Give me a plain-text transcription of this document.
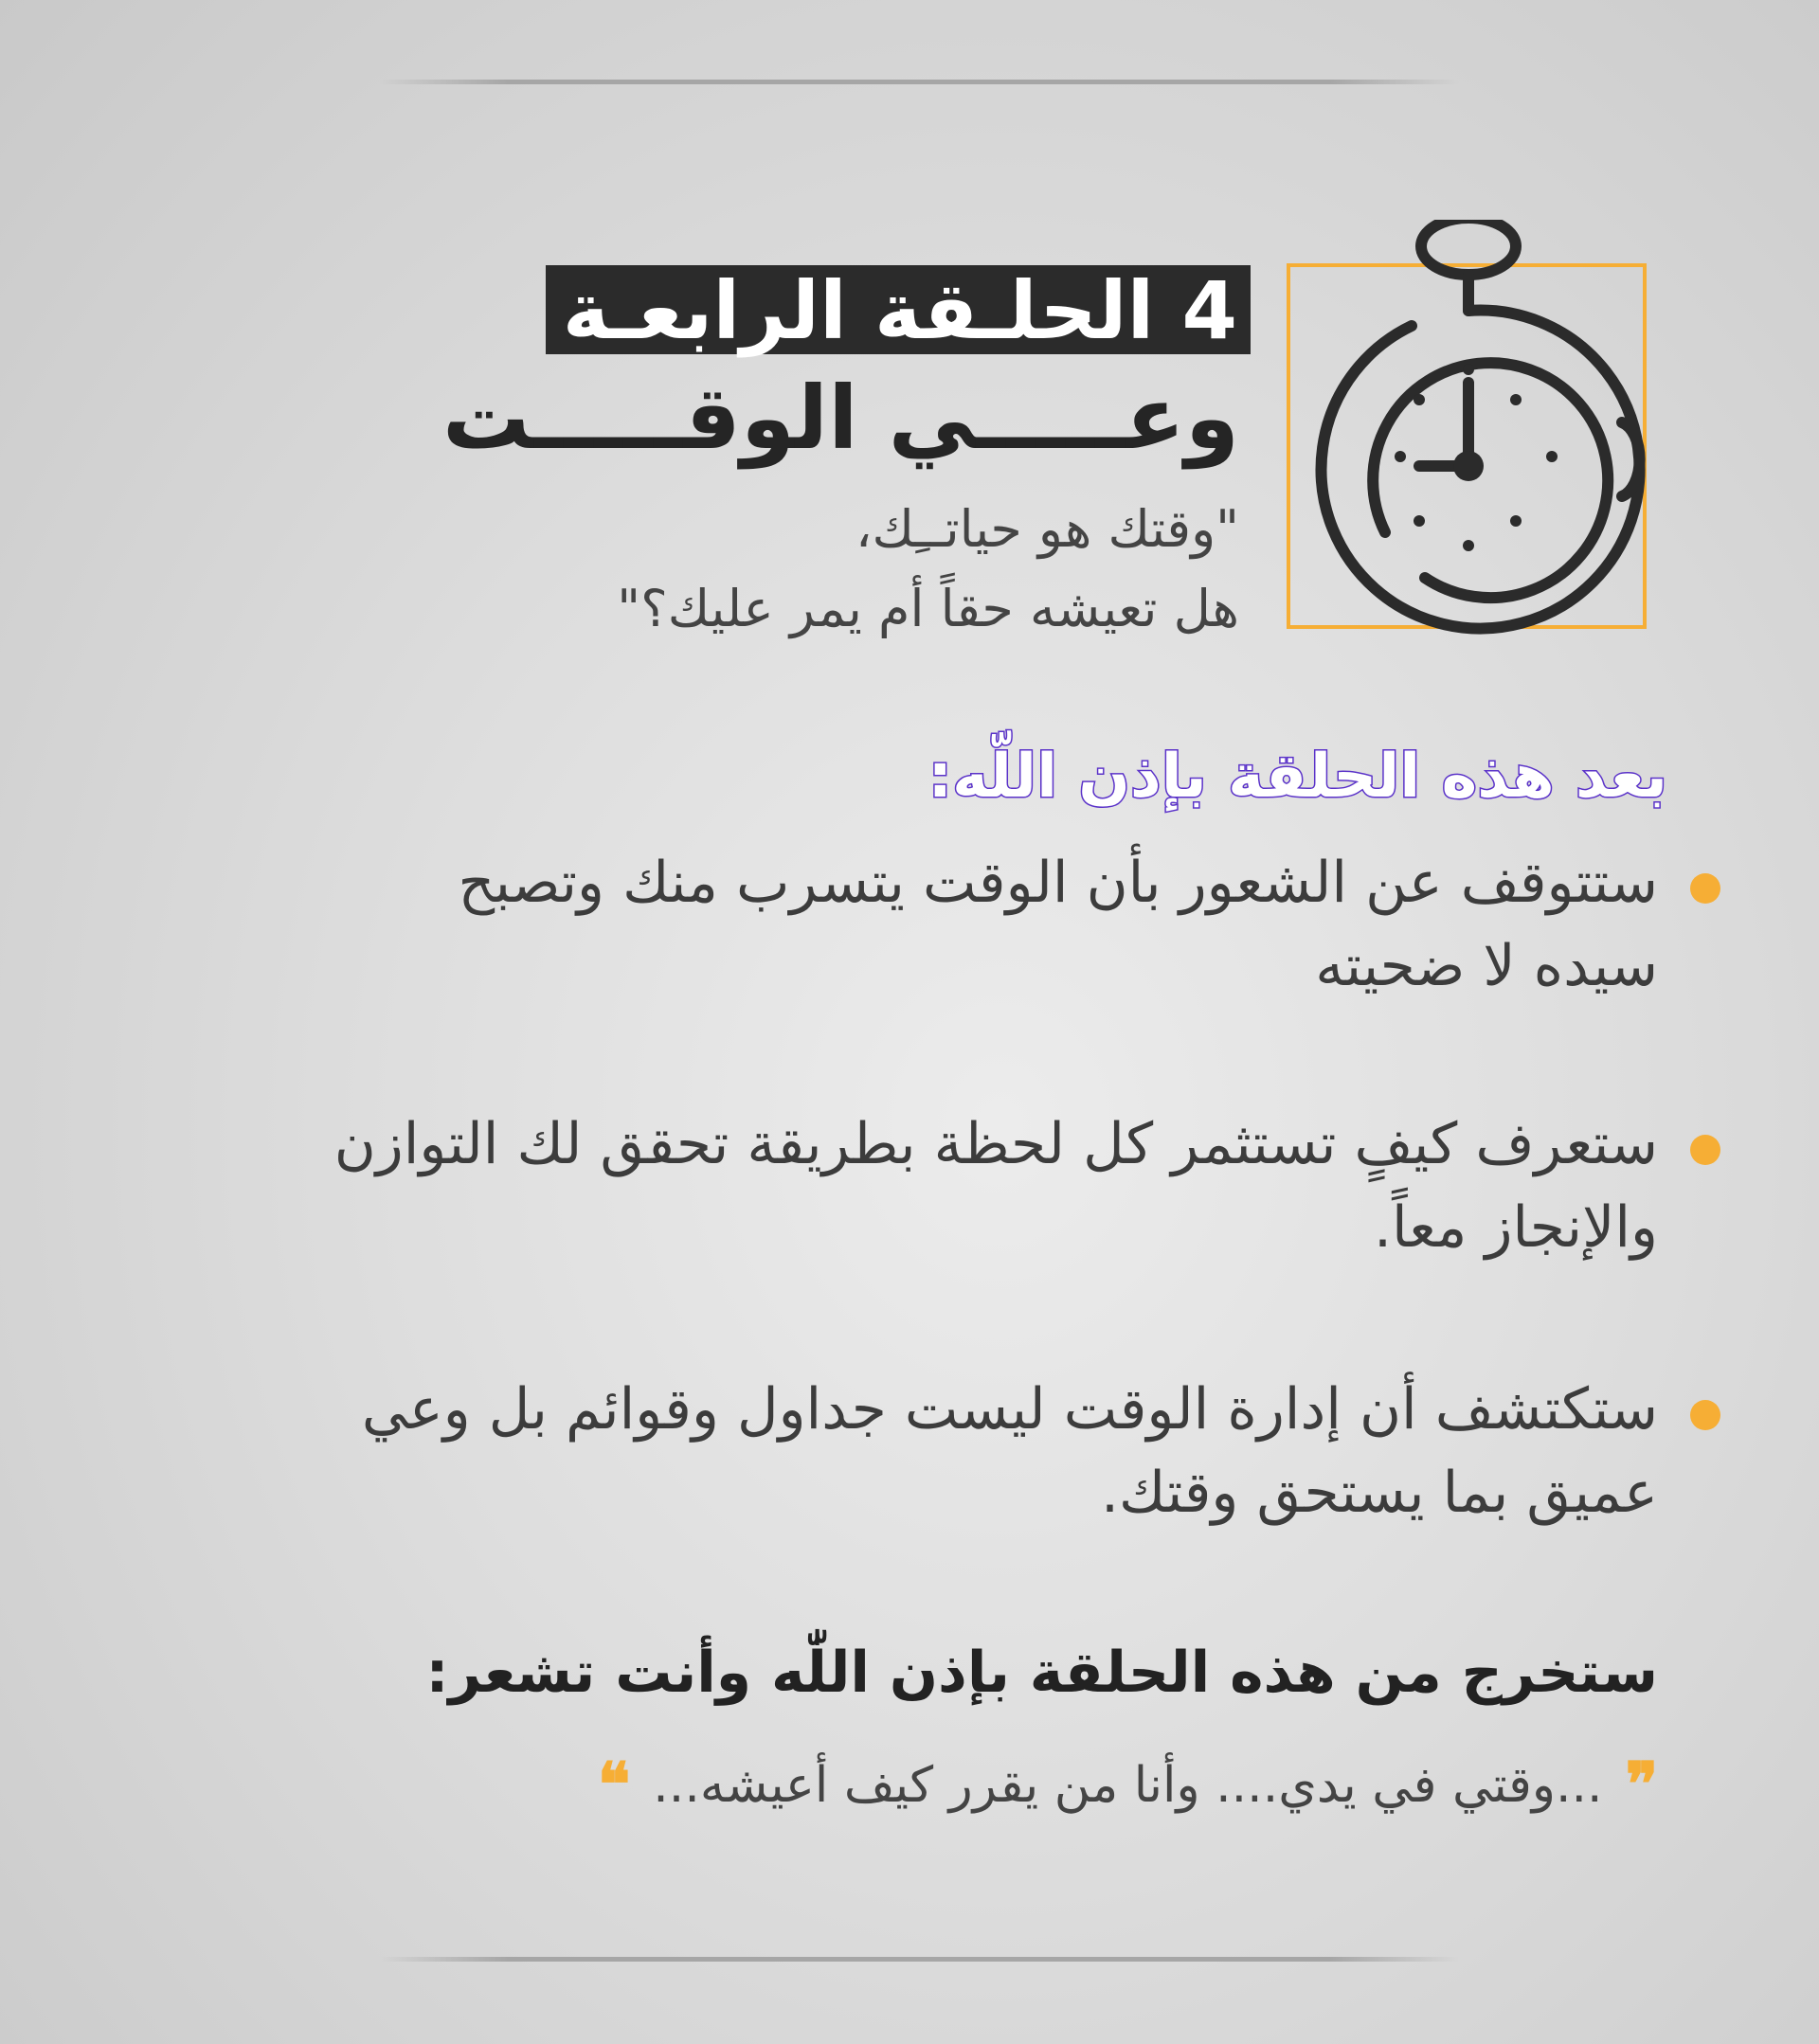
4 الحلـقة الرابعـة
وعـــــي الوقـــــت
"وقتك هو حياتــِك،
هل تعيشه حقاً أم يمر عليك؟"
بعد هذه الحلقة بإذن اللّه:
ستتوقف عن الشعور بأن الوقت يتسرب منك وتصبح
سيده لا ضحيته
ستعرف كيفٍ تستثمر كل لحظة بطريقة تحقق لك التوازن
والإنجاز معاً.
ستكتشف أن إدارة الوقت ليست جداول وقوائم بل وعي
عميق بما يستحق وقتك.
ستخرج من هذه الحلقة بإذن اللّٰه وأنت تشعر:
❞
...وقتي في يدي.... وأنا من يقرر كيف أعيشه...
❝
